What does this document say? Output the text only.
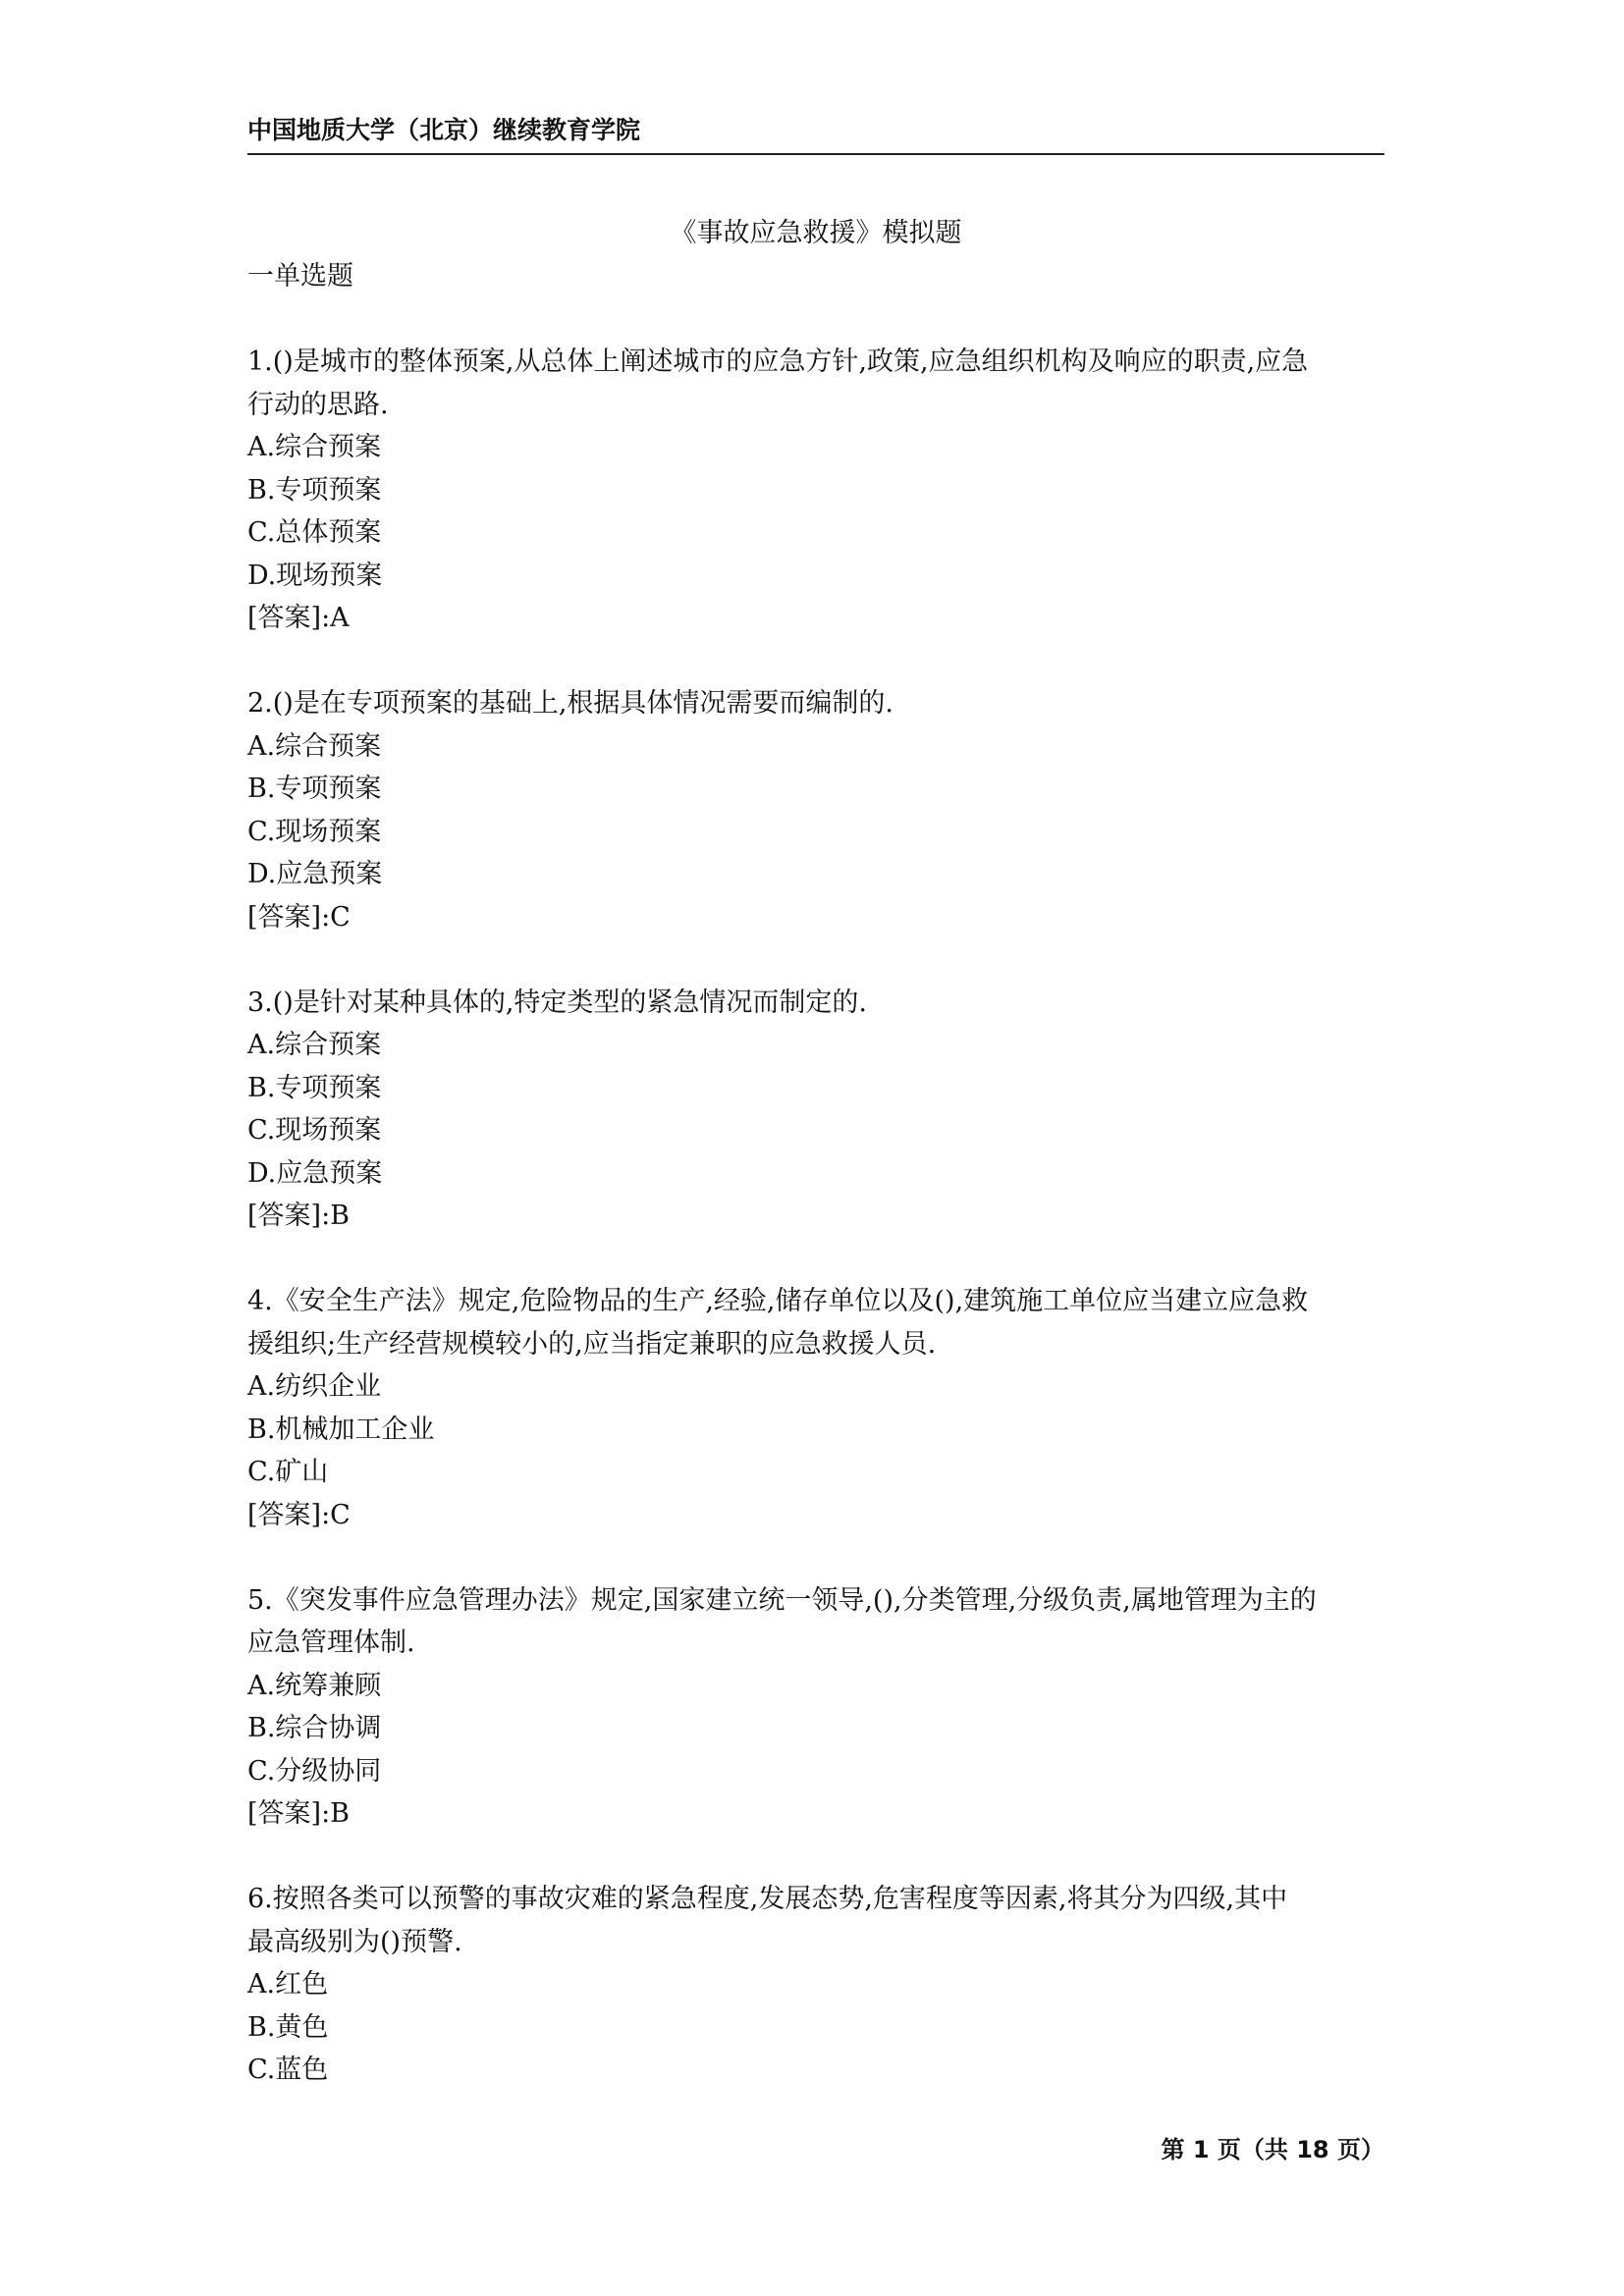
中国地质大学（北京）继续教育学院
《事故应急救援》模拟题
一单选题
1.()是城市的整体预案,从总体上阐述城市的应急方针,政策,应急组织机构及响应的职责,应急
行动的思路.
A.综合预案
B.专项预案
C.总体预案
D.现场预案
[答案]:A
2.()是在专项预案的基础上,根据具体情况需要而编制的.
A.综合预案
B.专项预案
C.现场预案
D.应急预案
[答案]:C
3.()是针对某种具体的,特定类型的紧急情况而制定的.
A.综合预案
B.专项预案
C.现场预案
D.应急预案
[答案]:B
4.《安全生产法》规定,危险物品的生产,经验,储存单位以及(),建筑施工单位应当建立应急救
援组织;生产经营规模较小的,应当指定兼职的应急救援人员.
A.纺织企业
B.机械加工企业
C.矿山
[答案]:C
5.《突发事件应急管理办法》规定,国家建立统一领导,(),分类管理,分级负责,属地管理为主的
应急管理体制.
A.统筹兼顾
B.综合协调
C.分级协同
[答案]:B
6.按照各类可以预警的事故灾难的紧急程度,发展态势,危害程度等因素,将其分为四级,其中
最高级别为()预警.
A.红色
B.黄色
C.蓝色
第 1 页（共 18 页）
